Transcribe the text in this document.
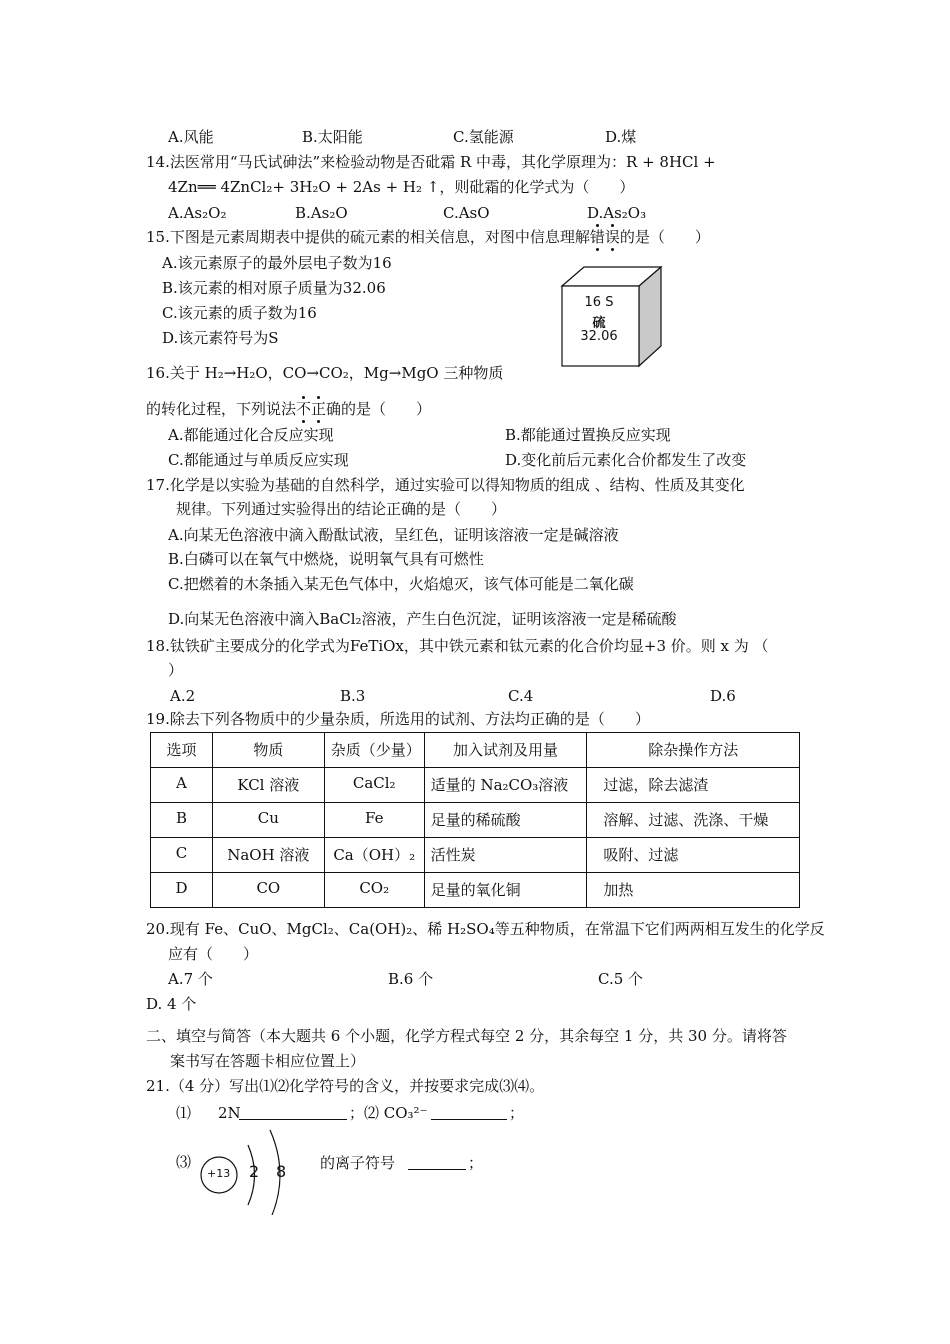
A.风能	B.太阳能	C.氢能源	D.煤
14.法医常用“马氏试砷法”来检验动物是否砒霜 R 中毒，其化学原理为：R + 8HCl +
4Zn══ 4ZnCl₂+ 3H₂O + 2As + H₂ ↑，则砒霜的化学式为（　　）
A.As₂O₂	B.As₂O	C.AsO	D.As₂O₃
15.下图是元素周期表中提供的硫元素的相关信息，对图中信息理解错误的是（　　）
A.该元素原子的最外层电子数为16
B.该元素的相对原子质量为32.06
C.该元素的质子数为16
D.该元素符号为S
16 S
硫
32.06
16.关于 H₂→H₂O，CO→CO₂，Mg→MgO 三种物质
的转化过程，下列说法不正确的是（　　）
A.都能通过化合反应实现	B.都能通过置换反应实现
C.都能通过与单质反应实现	D.变化前后元素化合价都发生了改变
17.化学是以实验为基础的自然科学，通过实验可以得知物质的组成 、结构、性质及其变化
规律。下列通过实验得出的结论正确的是（　　）
A.向某无色溶液中滴入酚酞试液，呈红色，证明该溶液一定是碱溶液
B.白磷可以在氧气中燃烧，说明氧气具有可燃性
C.把燃着的木条插入某无色气体中，火焰熄灭，该气体可能是二氧化碳
D.向某无色溶液中滴入BaCl₂溶液，产生白色沉淀，证明该溶液一定是稀硫酸
18.钛铁矿主要成分的化学式为FeTiOx，其中铁元素和钛元素的化合价均显+3 价。则 x 为 （
）
A.2	B.3	C.4	D.6
19.除去下列各物质中的少量杂质，所选用的试剂、方法均正确的是（　　）
选项	物质	杂质（少量）	加入试剂及用量	除杂操作方法
A	KCl 溶液	CaCl₂	适量的 Na₂CO₃溶液	过滤，除去滤渣
B	Cu	Fe	足量的稀硫酸	溶解、过滤、洗涤、干燥
C	NaOH 溶液	Ca（OH）₂	活性炭	吸附、过滤
D	CO	CO₂	足量的氧化铜	加热
20.现有 Fe、CuO、MgCl₂、Ca(OH)₂、稀 H₂SO₄等五种物质，在常温下它们两两相互发生的化学反
应有（　　）
A.7 个	B.6 个	C.5 个
D. 4 个
二、填空与简答（本大题共 6 个小题，化学方程式每空 2 分，其余每空 1 分，共 30 分。请将答
案书写在答题卡相应位置上）
21.（4 分）写出⑴⑵化学符号的含义，并按要求完成⑶⑷。
⑴ 2N	；⑵ CO₃²⁻	；
⑶
+13 2 8 的离子符号	；
